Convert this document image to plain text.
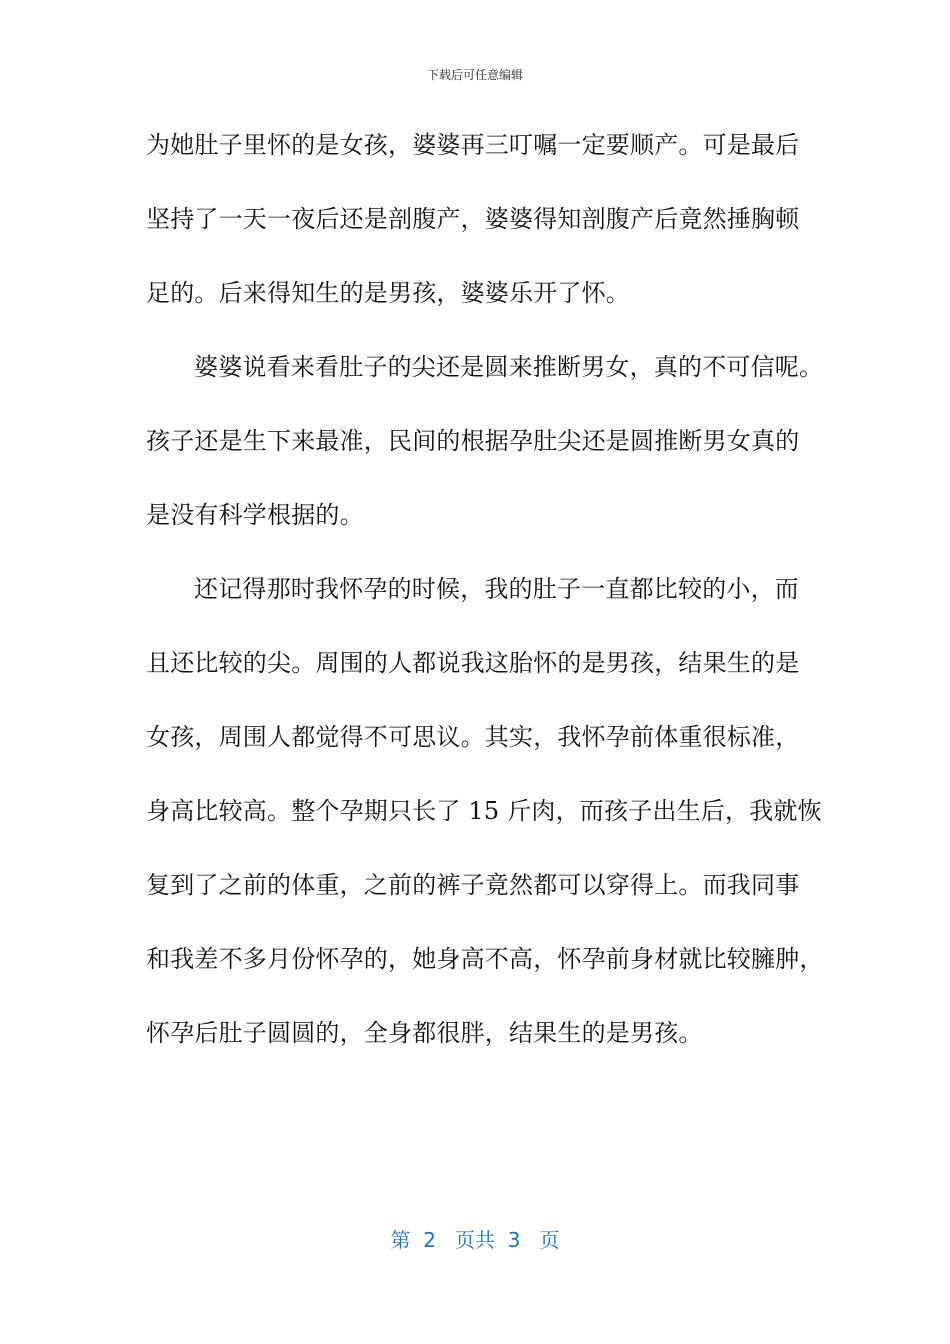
下载后可任意编辑
为她肚子里怀的是女孩，婆婆再三叮嘱一定要顺产。可是最后
坚持了一天一夜后还是剖腹产，婆婆得知剖腹产后竟然捶胸顿
足的。后来得知生的是男孩，婆婆乐开了怀。
婆婆说看来看肚子的尖还是圆来推断男女，真的不可信呢。
孩子还是生下来最准，民间的根据孕肚尖还是圆推断男女真的
是没有科学根据的。
还记得那时我怀孕的时候，我的肚子一直都比较的小，而
且还比较的尖。周围的人都说我这胎怀的是男孩，结果生的是
女孩，周围人都觉得不可思议。其实，我怀孕前体重很标准，
身高比较高。整个孕期只长了 15 斤肉，而孩子出生后，我就恢
复到了之前的体重，之前的裤子竟然都可以穿得上。而我同事
和我差不多月份怀孕的，她身高不高，怀孕前身材就比较臃肿，
怀孕后肚子圆圆的，全身都很胖，结果生的是男孩。
第  2   页共  3   页
